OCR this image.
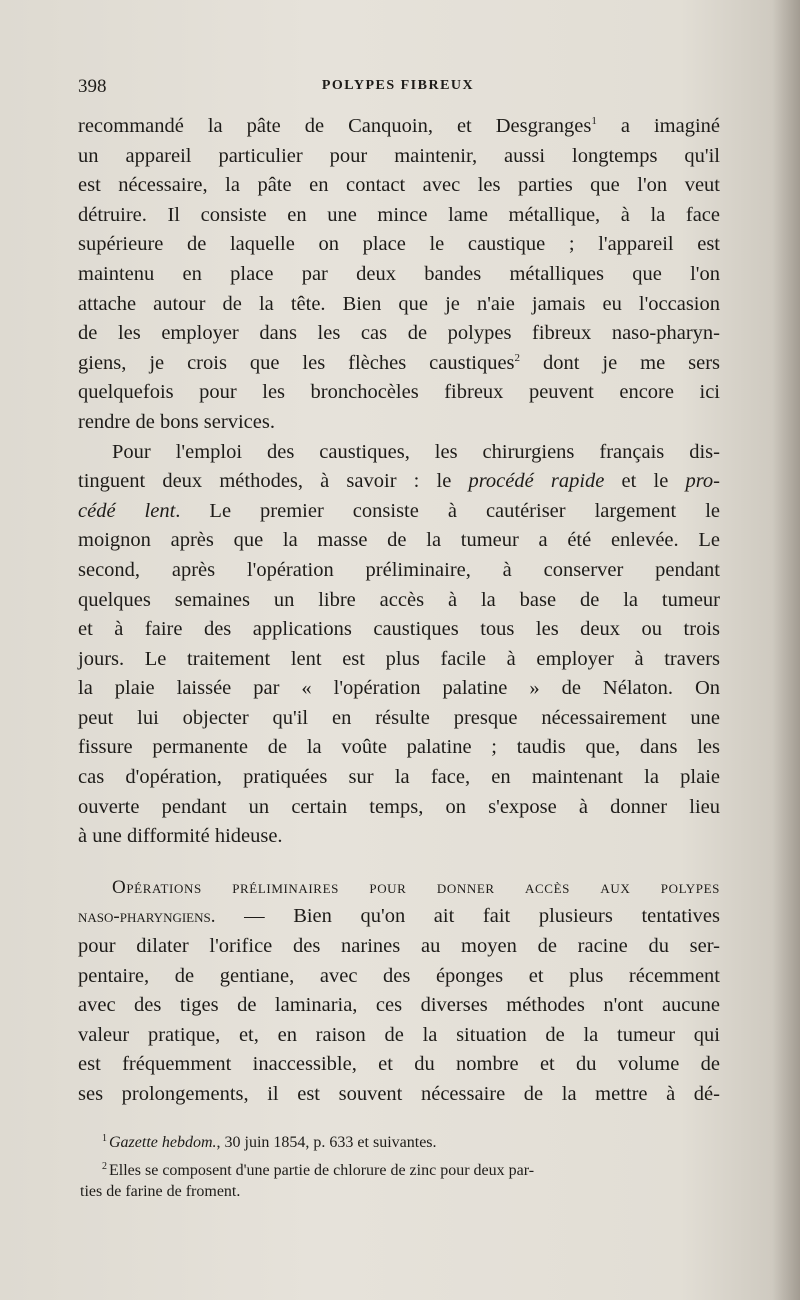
398	POLYPES FIBREUX
recommandé la pâte de Canquoin, et Desgranges$^1$ a imaginé
un appareil particulier pour maintenir, aussi longtemps qu'il
est nécessaire, la pâte en contact avec les parties que l'on veut
détruire. Il consiste en une mince lame métallique, à la face
supérieure de laquelle on place le caustique ; l'appareil est
maintenu en place par deux bandes métalliques que l'on
attache autour de la tête. Bien que je n'aie jamais eu l'occasion
de les employer dans les cas de polypes fibreux naso-pharyn-
giens, je crois que les flèches caustiques$^2$ dont je me sers
quelquefois pour les bronchocèles fibreux peuvent encore ici
rendre de bons services.
Pour l'emploi des caustiques, les chirurgiens français dis-
tinguent deux méthodes, à savoir : le procédé rapide et le pro-
cédé lent. Le premier consiste à cautériser largement le
moignon après que la masse de la tumeur a été enlevée. Le
second, après l'opération préliminaire, à conserver pendant
quelques semaines un libre accès à la base de la tumeur
et à faire des applications caustiques tous les deux ou trois
jours. Le traitement lent est plus facile à employer à travers
la plaie laissée par « l'opération palatine » de Nélaton. On
peut lui objecter qu'il en résulte presque nécessairement une
fissure permanente de la voûte palatine ; taudis que, dans les
cas d'opération, pratiquées sur la face, en maintenant la plaie
ouverte pendant un certain temps, on s'expose à donner lieu
à une difformité hideuse.
Opérations préliminaires pour donner accès aux polypes
naso-pharyngiens. — Bien qu'on ait fait plusieurs tentatives
pour dilater l'orifice des narines au moyen de racine du ser-
pentaire, de gentiane, avec des éponges et plus récemment
avec des tiges de laminaria, ces diverses méthodes n'ont aucune
valeur pratique, et, en raison de la situation de la tumeur qui
est fréquemment inaccessible, et du nombre et du volume de
ses prolongements, il est souvent nécessaire de la mettre à dé-

$^1$ Gazette hebdom., 30 juin 1854, p. 633 et suivantes.

$^2$ Elles se composent d'une partie de chlorure de zinc pour deux par-
ties de farine de froment.
